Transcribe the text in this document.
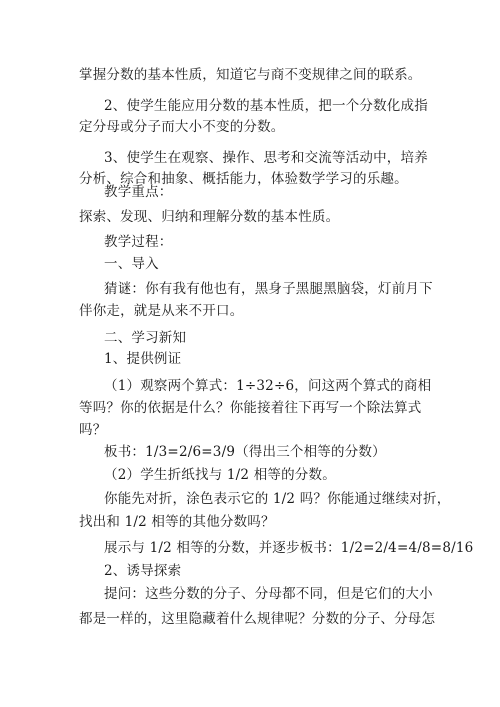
掌握分数的基本性质，知道它与商不变规律之间的联系。
2、使学生能应用分数的基本性质，把一个分数化成指
定分母或分子而大小不变的分数。
3、使学生在观察、操作、思考和交流等活动中，培养
分析、综合和抽象、概括能力，体验数学学习的乐趣。
教学重点：
探索、发现、归纳和理解分数的基本性质。
教学过程：
一、导入
猜谜：你有我有他也有，黑身子黑腿黑脑袋，灯前月下
伴你走，就是从来不开口。
二、学习新知
1、提供例证
（1）观察两个算式：1÷32÷6，问这两个算式的商相
等吗？你的依据是什么？你能接着往下再写一个除法算式
吗？
板书：1/3=2/6=3/9（得出三个相等的分数）
（2）学生折纸找与 1/2 相等的分数。
你能先对折，涂色表示它的 1/2 吗？你能通过继续对折，
找出和 1/2 相等的其他分数吗？
展示与 1/2 相等的分数，并逐步板书：1/2=2/4=4/8=8/16
2、诱导探索
提问：这些分数的分子、分母都不同，但是它们的大小
都是一样的，这里隐藏着什么规律呢？分数的分子、分母怎
